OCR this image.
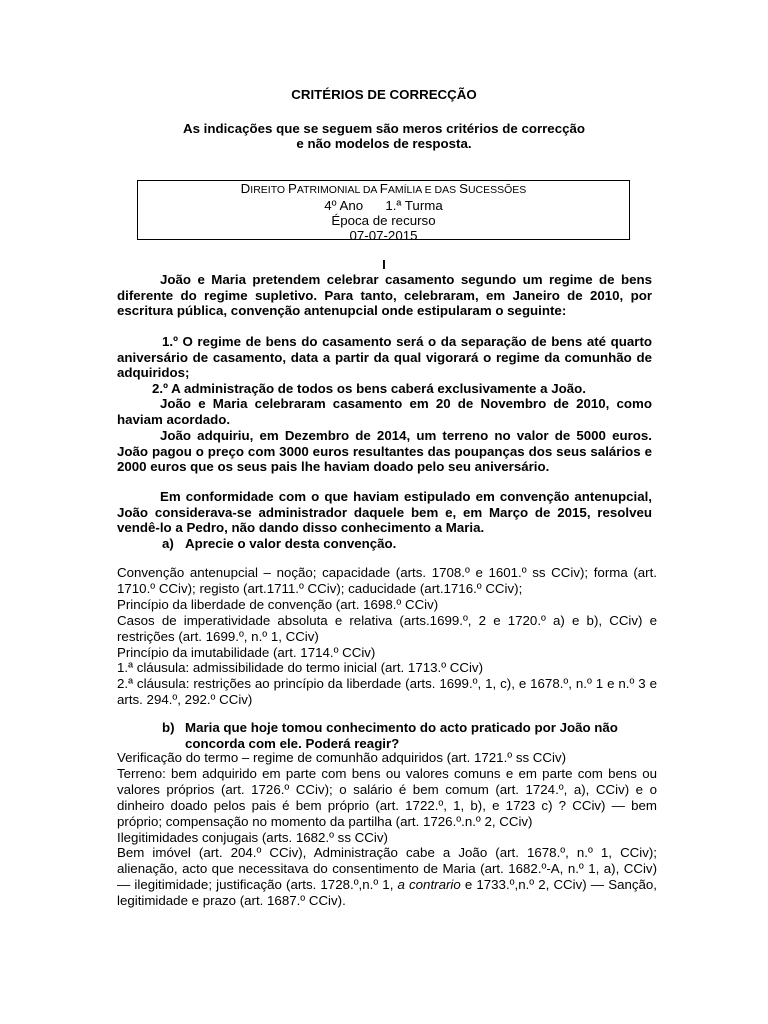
CRITÉRIOS DE CORRECÇÃO
As indicações que se seguem são meros critérios de correcção
e não modelos de resposta.
DIREITO PATRIMONIAL DA FAMÍLIA E DAS SUCESSÕES
4º Ano 1.ª Turma
Época de recurso
07-07-2015
I

João e Maria pretendem celebrar casamento segundo um regime de bens diferente do regime supletivo. Para tanto, celebraram, em Janeiro de 2010, por escritura pública, convenção antenupcial onde estipularam o seguinte:

1.º O regime de bens do casamento será o da separação de bens até quarto aniversário de casamento, data a partir da qual vigorará o regime da comunhão de adquiridos;

2.º A administração de todos os bens caberá exclusivamente a João.

João e Maria celebraram casamento em 20 de Novembro de 2010, como haviam acordado.

João adquiriu, em Dezembro de 2014, um terreno no valor de 5000 euros. João pagou o preço com 3000 euros resultantes das poupanças dos seus salários e 2000 euros que os seus pais lhe haviam doado pelo seu aniversário.

Em conformidade com o que haviam estipulado em convenção antenupcial, João considerava-se administrador daquele bem e, em Março de 2015, resolveu vendê-lo a Pedro, não dando disso conhecimento a Maria.

a) Aprecie o valor desta convenção.
Convenção antenupcial – noção; capacidade (arts. 1708.º e 1601.º ss CCiv); forma (art. 1710.º CCiv); registo (art.1711.º CCiv); caducidade (art.1716.º CCiv);
Princípio da liberdade de convenção (art. 1698.º CCiv)
Casos de imperatividade absoluta e relativa (arts.1699.º, 2 e 1720.º a) e b), CCiv) e restrições (art. 1699.º, n.º 1, CCiv)
Princípio da imutabilidade (art. 1714.º CCiv)
1.ª cláusula: admissibilidade do termo inicial (art. 1713.º CCiv)
2.ª cláusula: restrições ao princípio da liberdade (arts. 1699.º, 1, c), e 1678.º, n.º 1 e n.º 3 e arts. 294.º, 292.º CCiv)
b) Maria que hoje tomou conhecimento do acto praticado por João não concorda com ele. Poderá reagir?
Verificação do termo – regime de comunhão adquiridos (art. 1721.º ss CCiv)
Terreno: bem adquirido em parte com bens ou valores comuns e em parte com bens ou valores próprios (art. 1726.º CCiv); o salário é bem comum (art. 1724.º, a), CCiv) e o dinheiro doado pelos pais é bem próprio (art. 1722.º, 1, b), e 1723 c) ? CCiv) — bem próprio; compensação no momento da partilha (art. 1726.º.n.º 2, CCiv)
Ilegitimidades conjugais (arts. 1682.º ss CCiv)
Bem imóvel (art. 204.º CCiv), Administração cabe a João (art. 1678.º, n.º 1, CCiv); alienação, acto que necessitava do consentimento de Maria (art. 1682.º-A, n.º 1, a), CCiv) — ilegitimidade; justificação (arts. 1728.º,n.º 1, a contrario e 1733.º,n.º 2, CCiv) — Sanção, legitimidade e prazo (art. 1687.º CCiv).
